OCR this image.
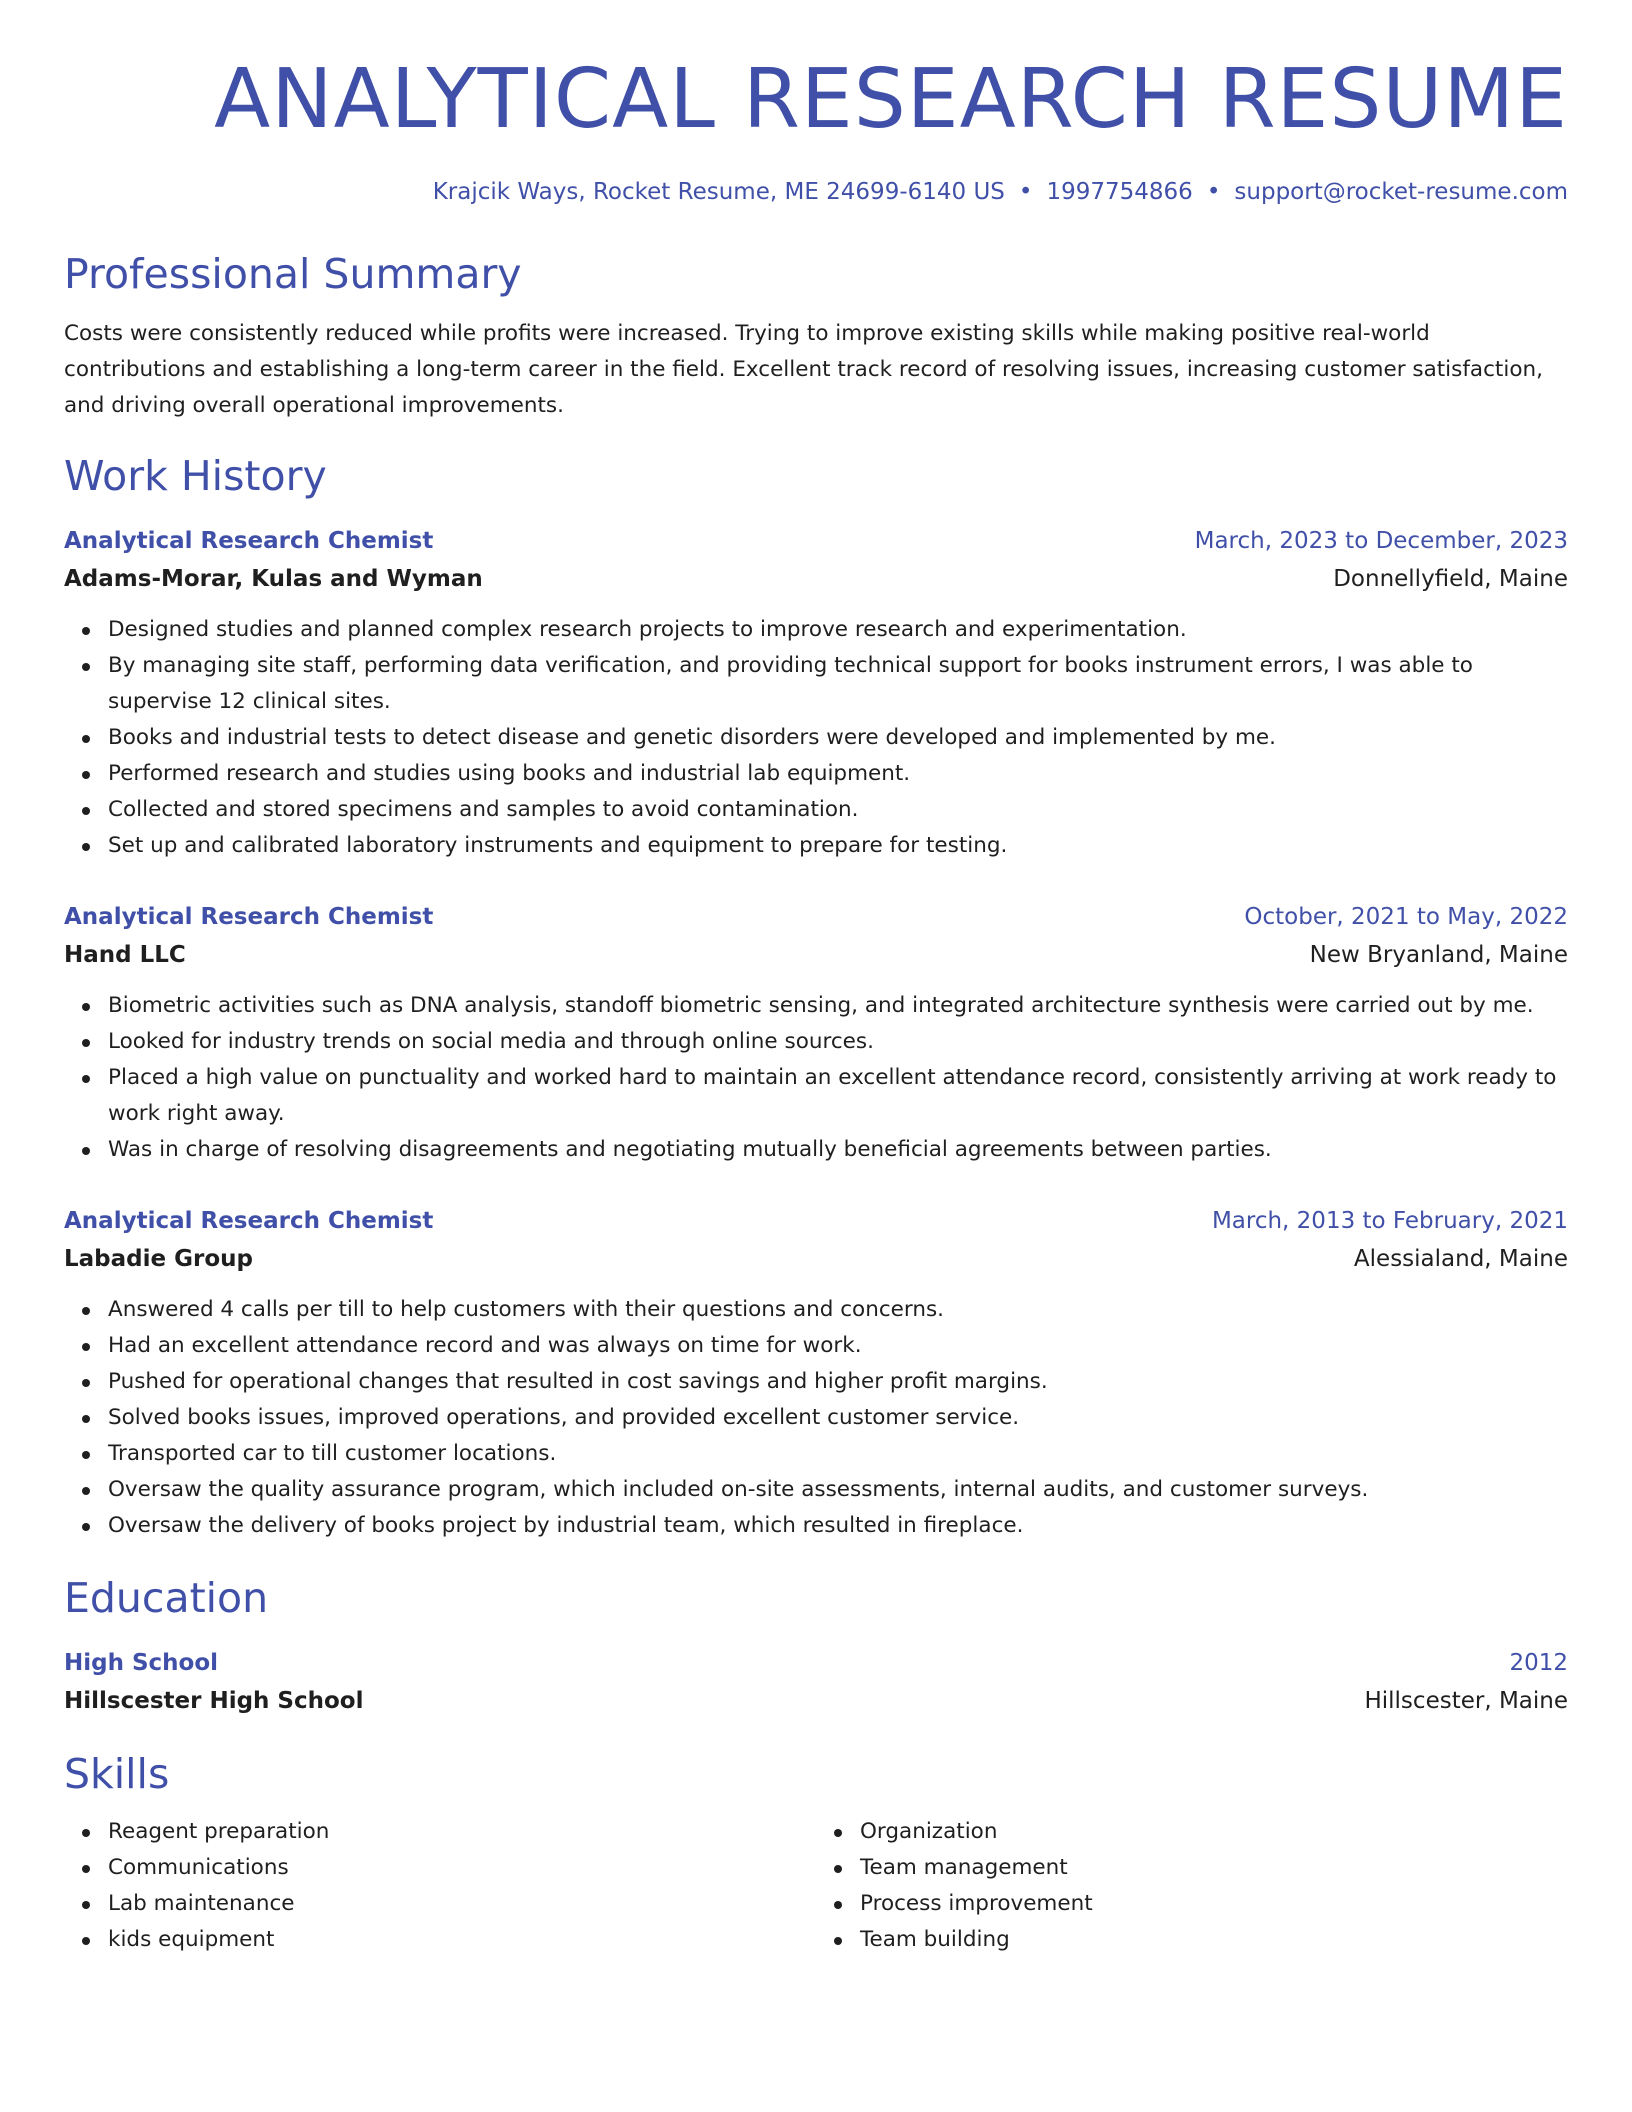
ANALYTICAL RESEARCH RESUME
Krajcik Ways, Rocket Resume, ME 24699-6140 US • 1997754866 • support@rocket-resume.com
Professional Summary

Costs were consistently reduced while profits were increased. Trying to improve existing skills while making positive real-world contributions and establishing a long-term career in the field. Excellent track record of resolving issues, increasing customer satisfaction, and driving overall operational improvements.

Work History
Analytical Research Chemist	March, 2023 to December, 2023
Adams-Morar, Kulas and Wyman	Donnellyfield, Maine
Designed studies and planned complex research projects to improve research and experimentation.
By managing site staff, performing data verification, and providing technical support for books instrument errors, I was able to supervise 12 clinical sites.
Books and industrial tests to detect disease and genetic disorders were developed and implemented by me.
Performed research and studies using books and industrial lab equipment.
Collected and stored specimens and samples to avoid contamination.
Set up and calibrated laboratory instruments and equipment to prepare for testing.
Analytical Research Chemist	October, 2021 to May, 2022
Hand LLC	New Bryanland, Maine
Biometric activities such as DNA analysis, standoff biometric sensing, and integrated architecture synthesis were carried out by me.
Looked for industry trends on social media and through online sources.
Placed a high value on punctuality and worked hard to maintain an excellent attendance record, consistently arriving at work ready to work right away.
Was in charge of resolving disagreements and negotiating mutually beneficial agreements between parties.
Analytical Research Chemist	March, 2013 to February, 2021
Labadie Group	Alessialand, Maine
Answered 4 calls per till to help customers with their questions and concerns.
Had an excellent attendance record and was always on time for work.
Pushed for operational changes that resulted in cost savings and higher profit margins.
Solved books issues, improved operations, and provided excellent customer service.
Transported car to till customer locations.
Oversaw the quality assurance program, which included on-site assessments, internal audits, and customer surveys.
Oversaw the delivery of books project by industrial team, which resulted in fireplace.
Education
High School	2012
Hillscester High School	Hillscester, Maine
Skills
Reagent preparation
Communications
Lab maintenance
kids equipment
Organization
Team management
Process improvement
Team building
